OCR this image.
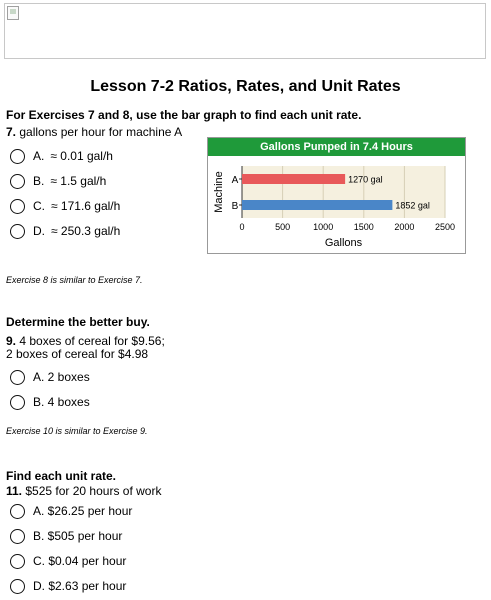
Lesson 7-2 Ratios, Rates, and Unit Rates
For Exercises 7 and 8, use the bar graph to find each unit rate.
7. gallons per hour for machine A
A. ≈ 0.01 gal/h
B. ≈ 1.5 gal/h
C. ≈ 171.6 gal/h
D. ≈ 250.3 gal/h
Gallons Pumped in 7.4 Hours
A	1270 gal
B	1852 gal
0	500	1000 1500 2000 2500
Gallons
Machine
Exercise 8 is similar to Exercise 7.
Determine the better buy.
9. 4 boxes of cereal for $9.56;
2 boxes of cereal for $4.98
A. 2 boxes
B. 4 boxes
Exercise 10 is similar to Exercise 9.
Find each unit rate.
11. $525 for 20 hours of work
A. $26.25 per hour
B. $505 per hour
C. $0.04 per hour
D. $2.63 per hour
